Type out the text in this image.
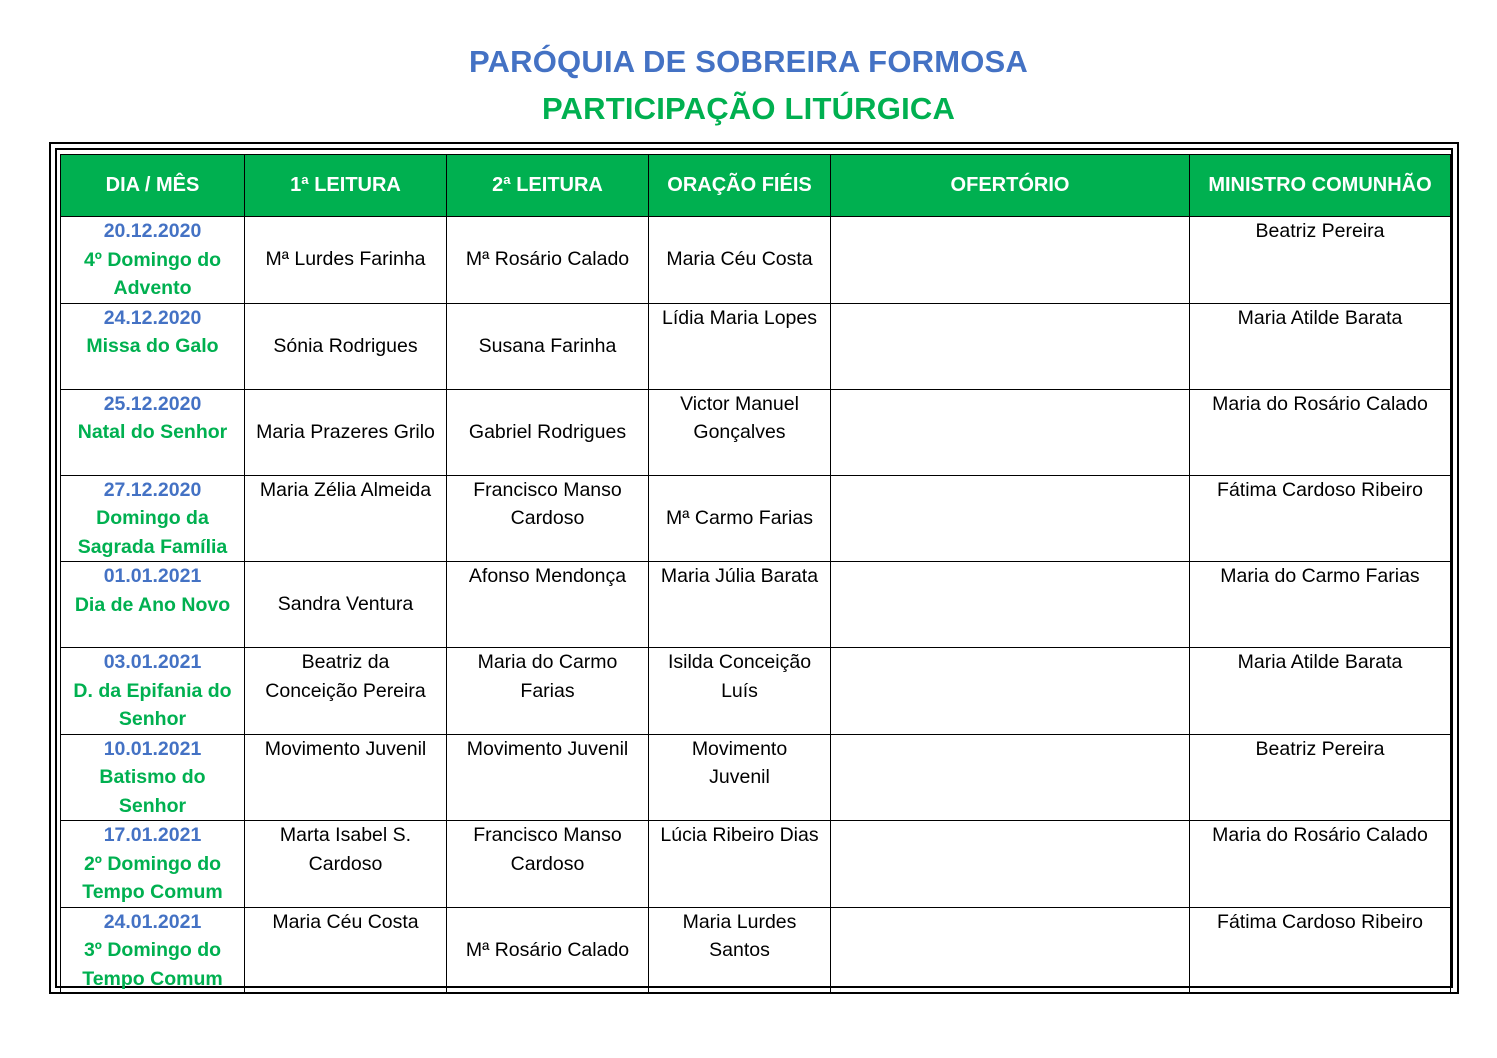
PARÓQUIA DE SOBREIRA FORMOSA
PARTICIPAÇÃO LITÚRGICA
DIA / MÊS	1ª LEITURA	2ª LEITURA	ORAÇÃO FIÉIS	OFERTÓRIO	MINISTRO COMUNHÃO

20.12.2020
4º Domingo do Advento	Mª Lurdes Farinha	Mª Rosário Calado	Maria Céu Costa		Beatriz Pereira

24.12.2020
Missa do Galo	Sónia Rodrigues	Susana Farinha	Lídia Maria Lopes		Maria Atilde Barata

25.12.2020
Natal do Senhor	Maria Prazeres Grilo	Gabriel Rodrigues	Victor Manuel Gonçalves		Maria do Rosário Calado

27.12.2020
Domingo da Sagrada Família	Maria Zélia Almeida	Francisco Manso Cardoso	Mª Carmo Farias		Fátima Cardoso Ribeiro

01.01.2021
Dia de Ano Novo	Sandra Ventura	Afonso Mendonça	Maria Júlia Barata		Maria do Carmo Farias

03.01.2021
D. da Epifania do Senhor	Beatriz da Conceição Pereira	Maria do Carmo Farias	Isilda Conceição Luís		Maria Atilde Barata

10.01.2021
Batismo do Senhor	Movimento Juvenil	Movimento Juvenil	Movimento Juvenil		Beatriz Pereira

17.01.2021
2º Domingo do Tempo Comum	Marta Isabel S. Cardoso	Francisco Manso Cardoso	Lúcia Ribeiro Dias		Maria do Rosário Calado

24.01.2021
3º Domingo do Tempo Comum	Maria Céu Costa	Mª Rosário Calado	Maria Lurdes Santos		Fátima Cardoso Ribeiro
